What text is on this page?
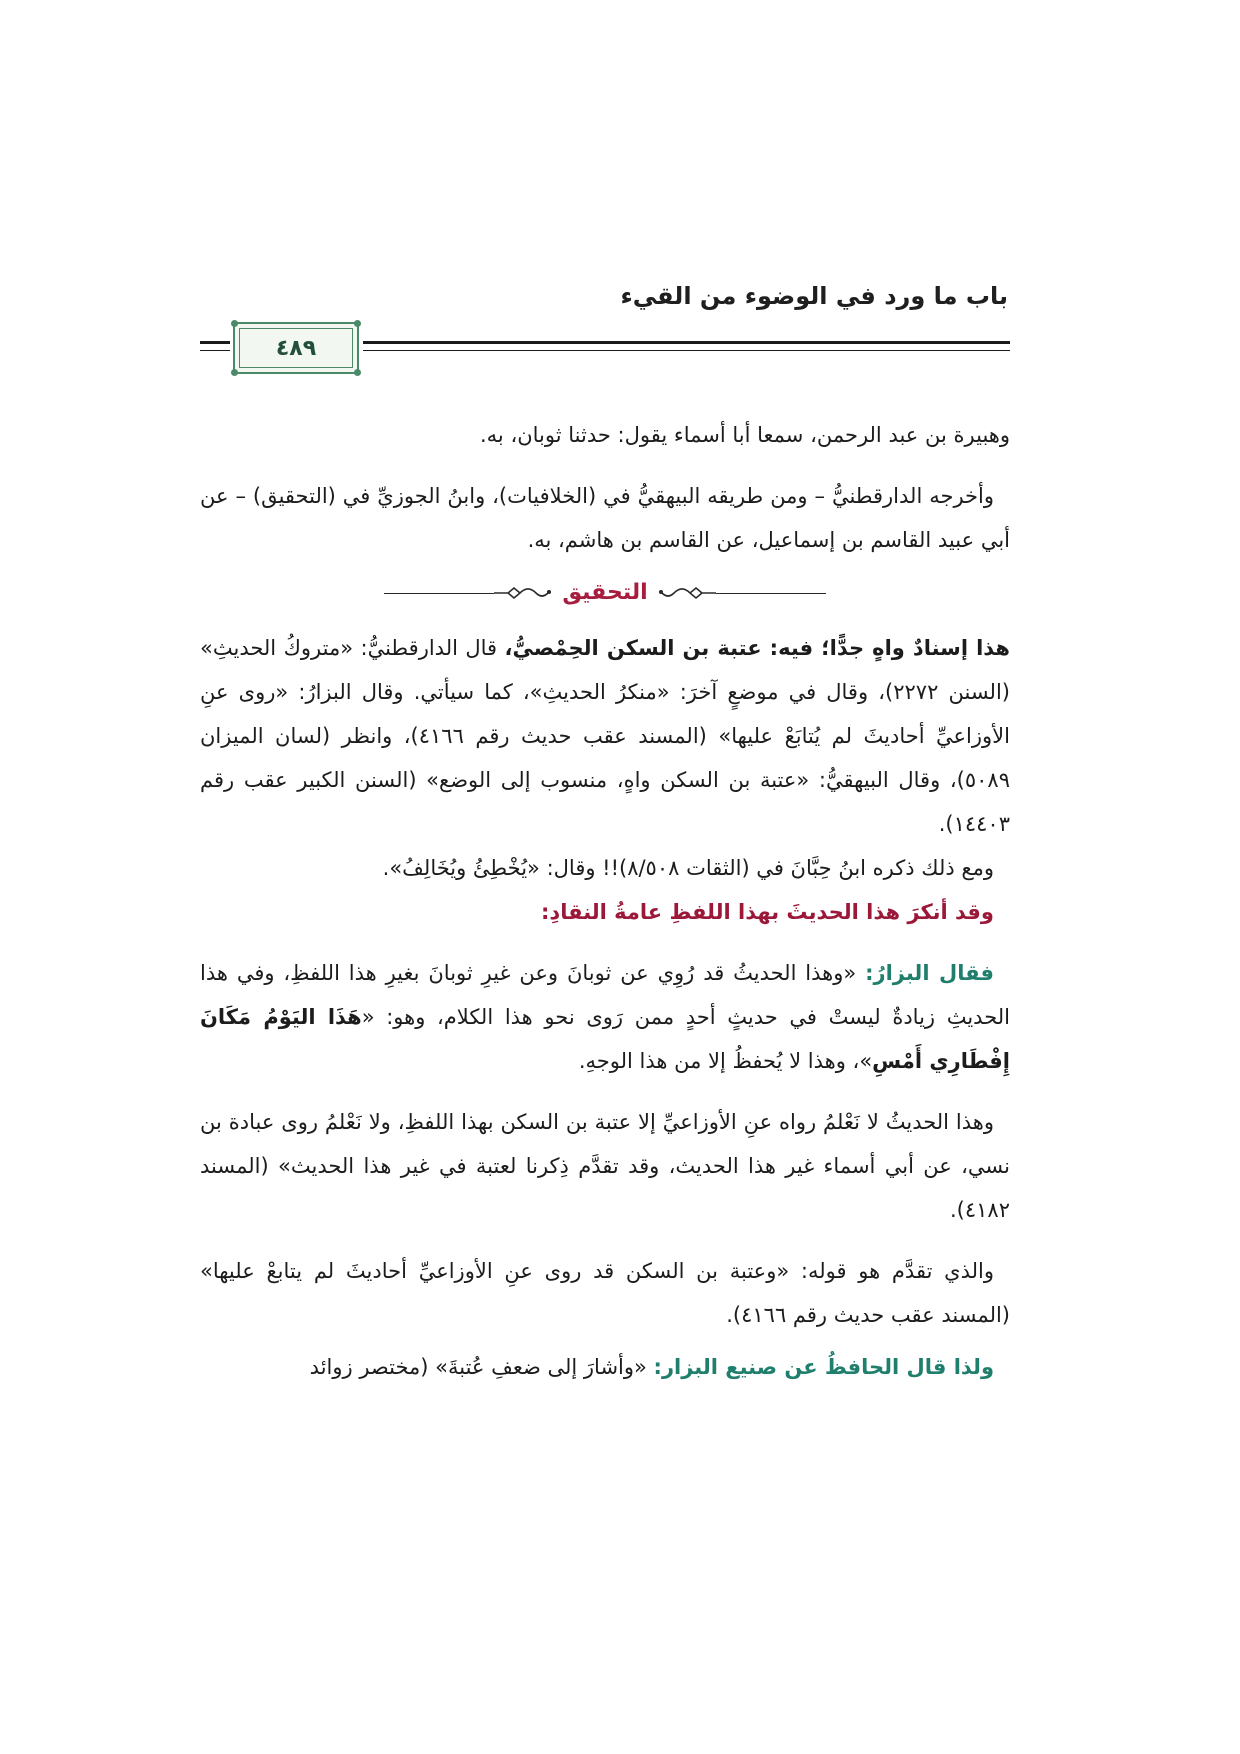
باب ما ورد في الوضوء من القيء
٤٨٩

وهبيرة بن عبد الرحمن، سمعا أبا أسماء يقول: حدثنا ثوبان، به.

وأخرجه الدارقطنيُّ – ومن طريقه البيهقيُّ في (الخلافيات)، وابنُ الجوزيِّ في (التحقيق) – عن أبي عبيد القاسم بن إسماعيل، عن القاسم بن هاشم، به.

التحقيق

هذا إسنادٌ واهٍ جدًّا؛ فيه: عتبة بن السكن الحِمْصيُّ، قال الدارقطنيُّ: «متروكُ الحديثِ» (السنن ٢٢٧٢)، وقال في موضعٍ آخرَ: «منكرُ الحديثِ»، كما سيأتي. وقال البزارُ: «روى عنِ الأوزاعيِّ أحاديثَ لم يُتابَعْ عليها» (المسند عقب حديث رقم ٤١٦٦)، وانظر (لسان الميزان ٥٠٨٩)، وقال البيهقيُّ: «عتبة بن السكن واهٍ، منسوب إلى الوضع» (السنن الكبير عقب رقم ١٤٤٠٣).

ومع ذلك ذكره ابنُ حِبَّانَ في (الثقات ٨/٥٠٨)!! وقال: «يُخْطِئُ ويُخَالِفُ».

وقد أنكرَ هذا الحديثَ بهذا اللفظِ عامةُ النقادِ:

فقال البزارُ: «وهذا الحديثُ قد رُوِي عن ثوبانَ وعن غيرِ ثوبانَ بغيرِ هذا اللفظِ، وفي هذا الحديثِ زيادةٌ ليستْ في حديثٍ أحدٍ ممن رَوى نحو هذا الكلام، وهو: «هَذَا اليَوْمُ مَكَانَ إِفْطَارِي أَمْسِ»، وهذا لا يُحفظُ إلا من هذا الوجهِ.

وهذا الحديثُ لا نَعْلمُ رواه عنِ الأوزاعيِّ إلا عتبة بن السكن بهذا اللفظِ، ولا نَعْلمُ روى عبادة بن نسي، عن أبي أسماء غير هذا الحديث، وقد تقدَّم ذِكرنا لعتبة في غير هذا الحديث» (المسند ٤١٨٢).

والذي تقدَّم هو قوله: «وعتبة بن السكن قد روى عنِ الأوزاعيِّ أحاديثَ لم يتابعْ عليها» (المسند عقب حديث رقم ٤١٦٦).

ولذا قال الحافظُ عن صنيع البزار: «وأشارَ إلى ضعفِ عُتبةَ» (مختصر زوائد
